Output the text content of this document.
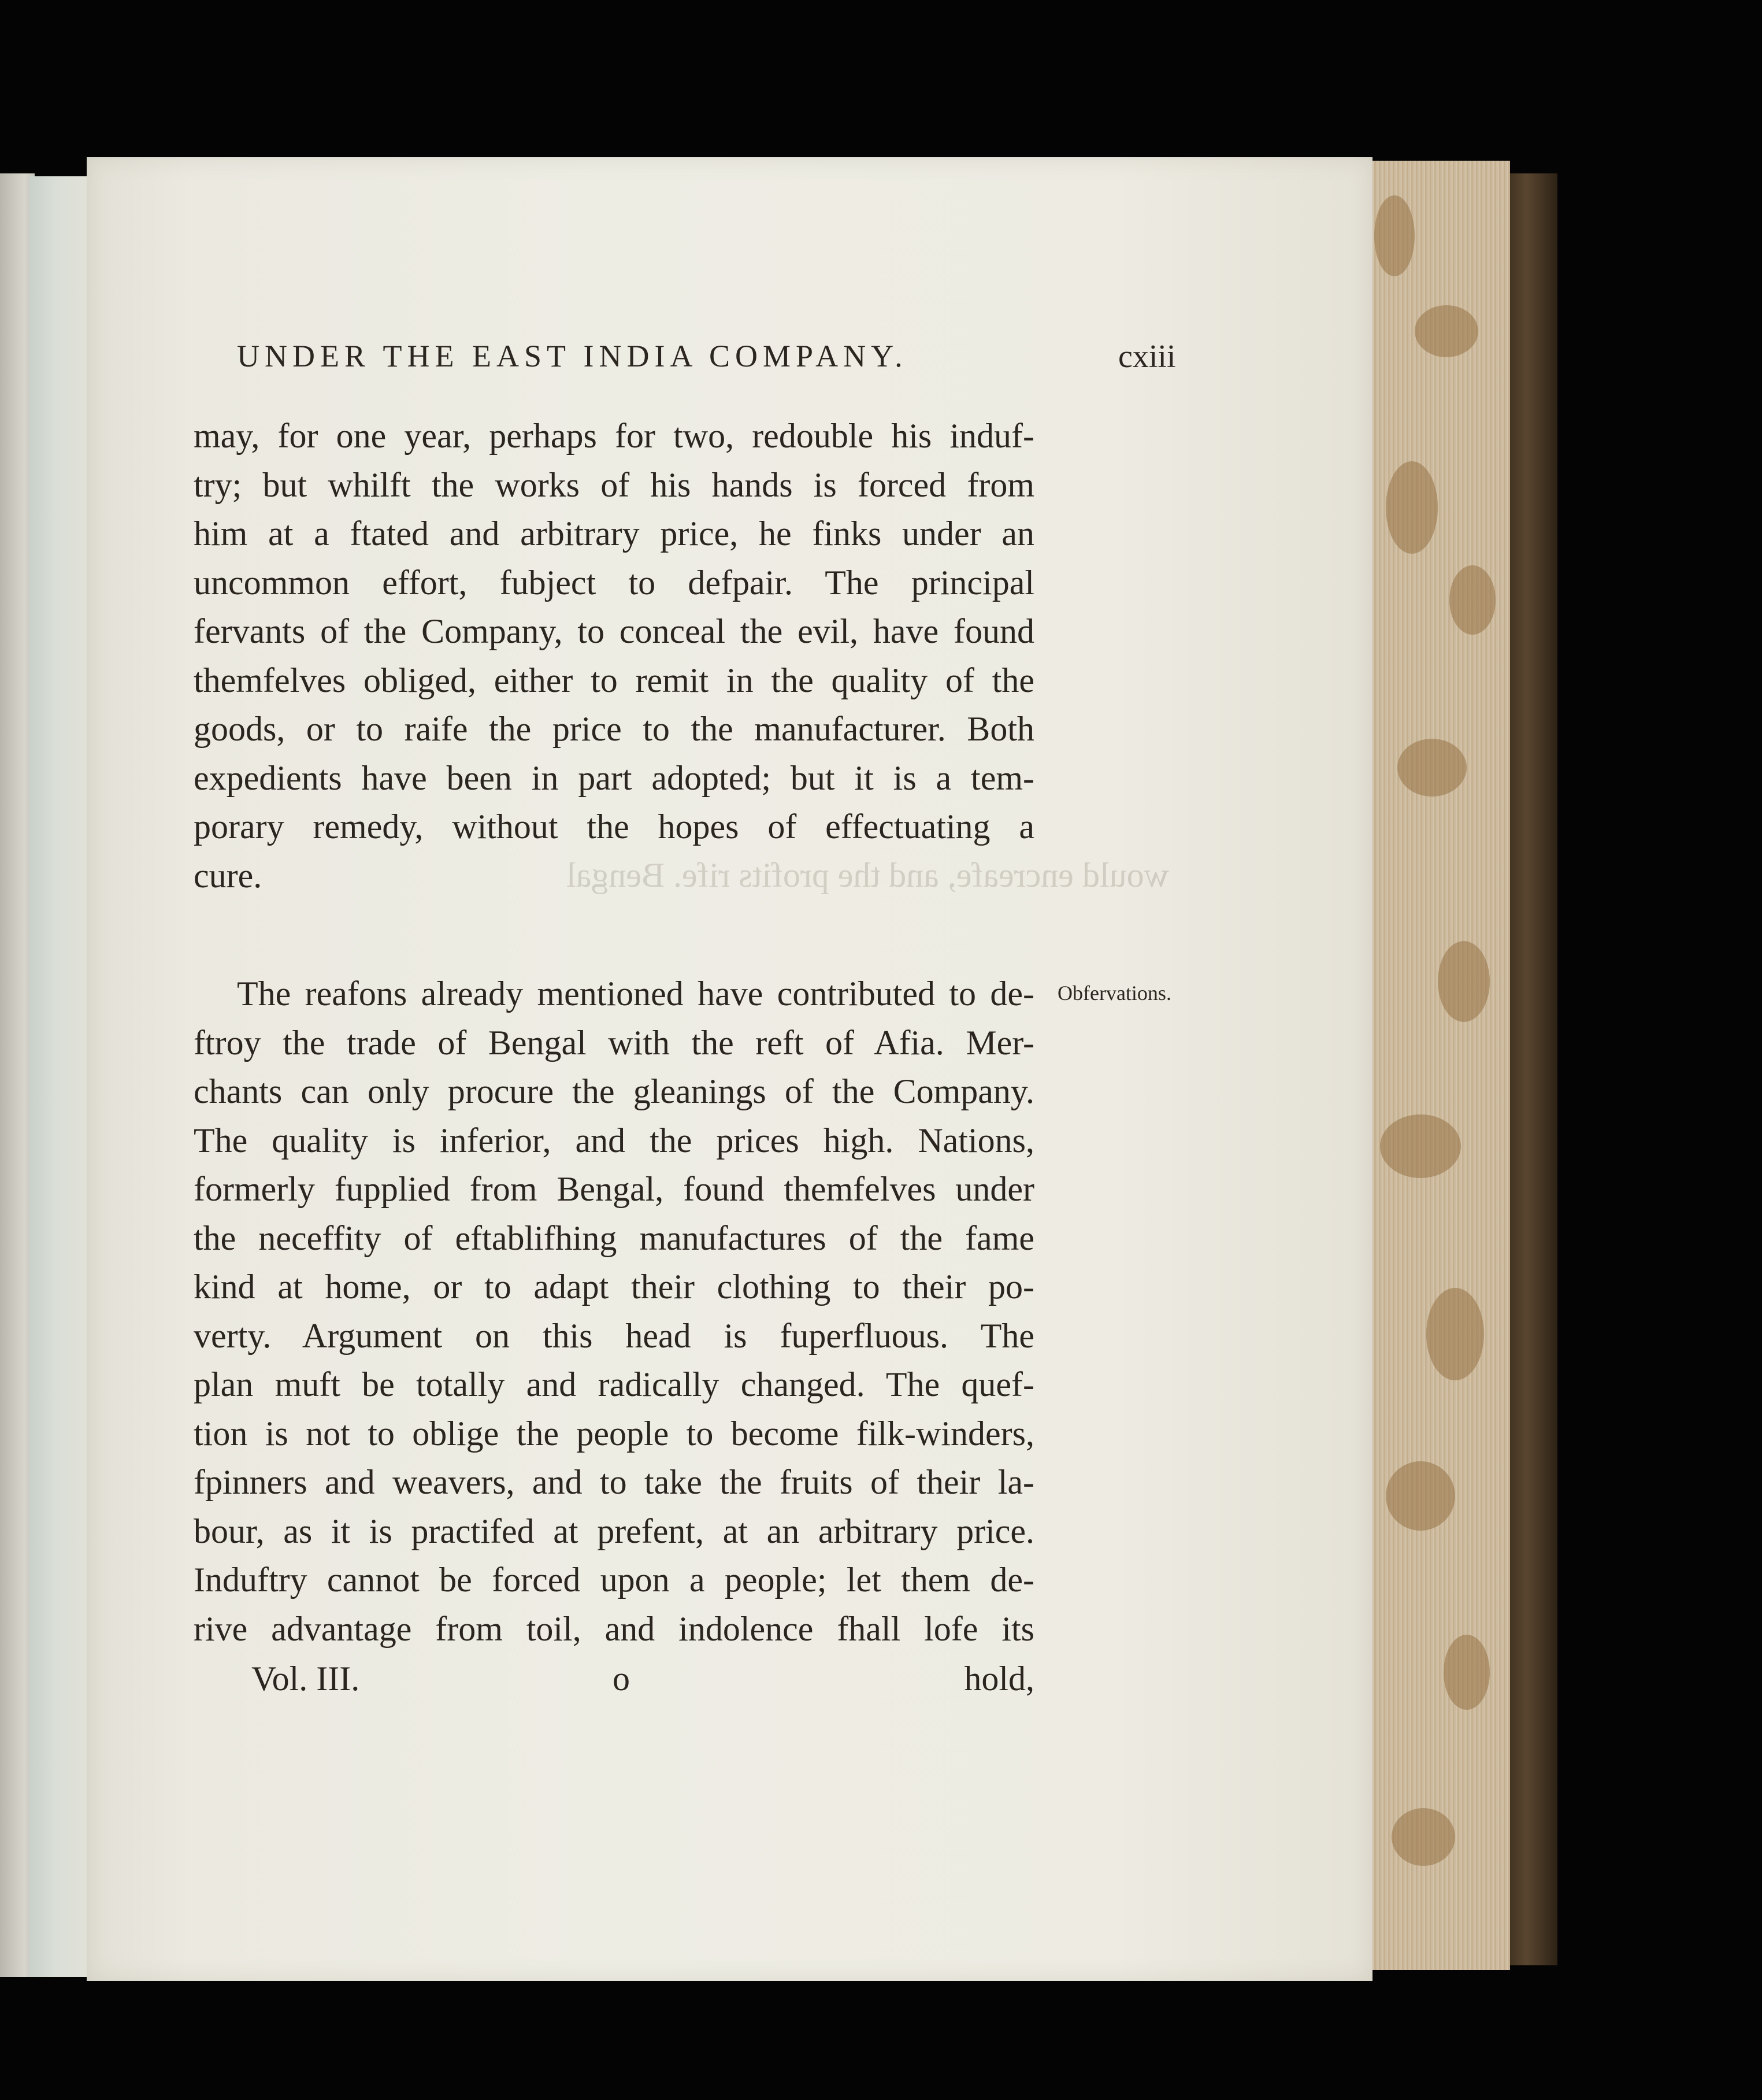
would encreafe, and the profits rife. Bengal
UNDER THE EAST INDIA COMPANY.	cxiii
may, for one year, perhaps for two, redouble his induf-
try; but whilft the works of his hands is forced from
him at a ftated and arbitrary price, he finks under an
uncommon effort, fubject to defpair. The principal
fervants of the Company, to conceal the evil, have found
themfelves obliged, either to remit in the quality of the
goods, or to raife the price to the manufacturer. Both
expedients have been in part adopted; but it is a tem-
porary remedy, without the hopes of effectuating a
cure.
Obfervations.
The reafons already mentioned have contributed to de-
ftroy the trade of Bengal with the reft of Afia. Mer-
chants can only procure the gleanings of the Company.
The quality is inferior, and the prices high. Nations,
formerly fupplied from Bengal, found themfelves under
the neceffity of eftablifhing manufactures of the fame
kind at home, or to adapt their clothing to their po-
verty. Argument on this head is fuperfluous. The
plan muft be totally and radically changed. The quef-
tion is not to oblige the people to become filk-winders,
fpinners and weavers, and to take the fruits of their la-
bour, as it is practifed at prefent, at an arbitrary price.
Induftry cannot be forced upon a people; let them de-
rive advantage from toil, and indolence fhall lofe its
Vol. III.	o	hold,
